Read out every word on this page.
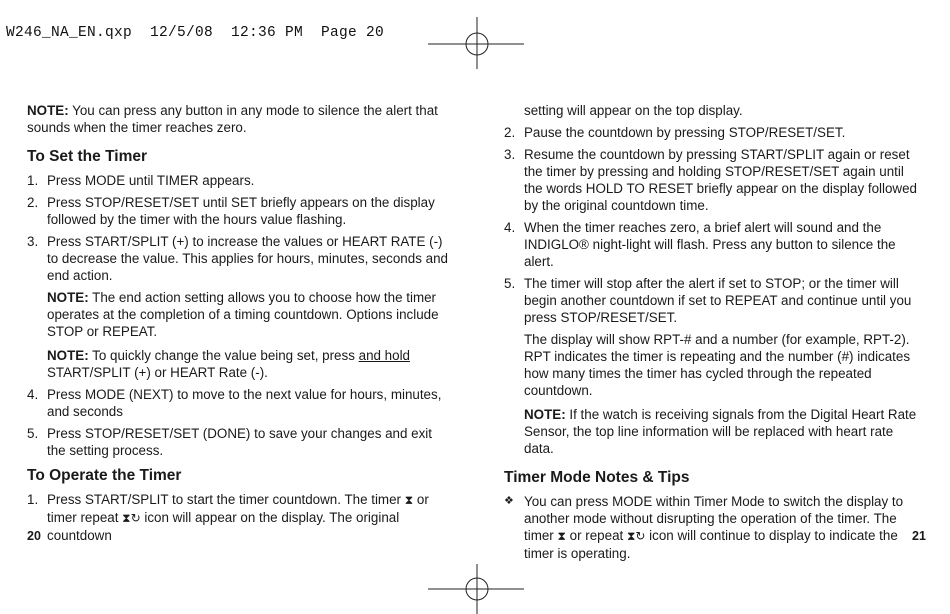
W246_NA_EN.qxp  12/5/08  12:36 PM  Page 20

NOTE: You can press any button in any mode to silence the alert that sounds when the timer reaches zero.

To Set the Timer
1. Press MODE until TIMER appears.
2. Press STOP/RESET/SET until SET briefly appears on the display followed by the timer with the hours value flashing.
3. Press START/SPLIT (+) to increase the values or HEART RATE (-) to decrease the value. This applies for hours, minutes, seconds and end action.

NOTE: The end action setting allows you to choose how the timer operates at the completion of a timing countdown. Options include STOP or REPEAT.

NOTE: To quickly change the value being set, press and hold START/SPLIT (+) or HEART Rate (-).

4. Press MODE (NEXT) to move to the next value for hours, minutes, and seconds
5. Press STOP/RESET/SET (DONE) to save your changes and exit the setting process.
To Operate the Timer
1. Press START/SPLIT to start the timer countdown. The timer ⧗ or timer repeat ⧗↻ icon will appear on the display. The original countdown
20

setting will appear on the top display.

2. Pause the countdown by pressing STOP/RESET/SET.
3. Resume the countdown by pressing START/SPLIT again or reset the timer by pressing and holding STOP/RESET/SET again until the words HOLD TO RESET briefly appear on the display followed by the original countdown time.
4. When the timer reaches zero, a brief alert will sound and the INDIGLO® night-light will flash. Press any button to silence the alert.
5. The timer will stop after the alert if set to STOP; or the timer will begin another countdown if set to REPEAT and continue until you press STOP/RESET/SET.

The display will show RPT-# and a number (for example, RPT-2). RPT indicates the timer is repeating and the number (#) indicates how many times the timer has cycled through the repeated countdown.

NOTE: If the watch is receiving signals from the Digital Heart Rate Sensor, the top line information will be replaced with heart rate data.

Timer Mode Notes & Tips
❖ You can press MODE within Timer Mode to switch the display to another mode without disrupting the operation of the timer. The timer ⧗ or repeat ⧗↻ icon will continue to display to indicate the timer is operating.
21
